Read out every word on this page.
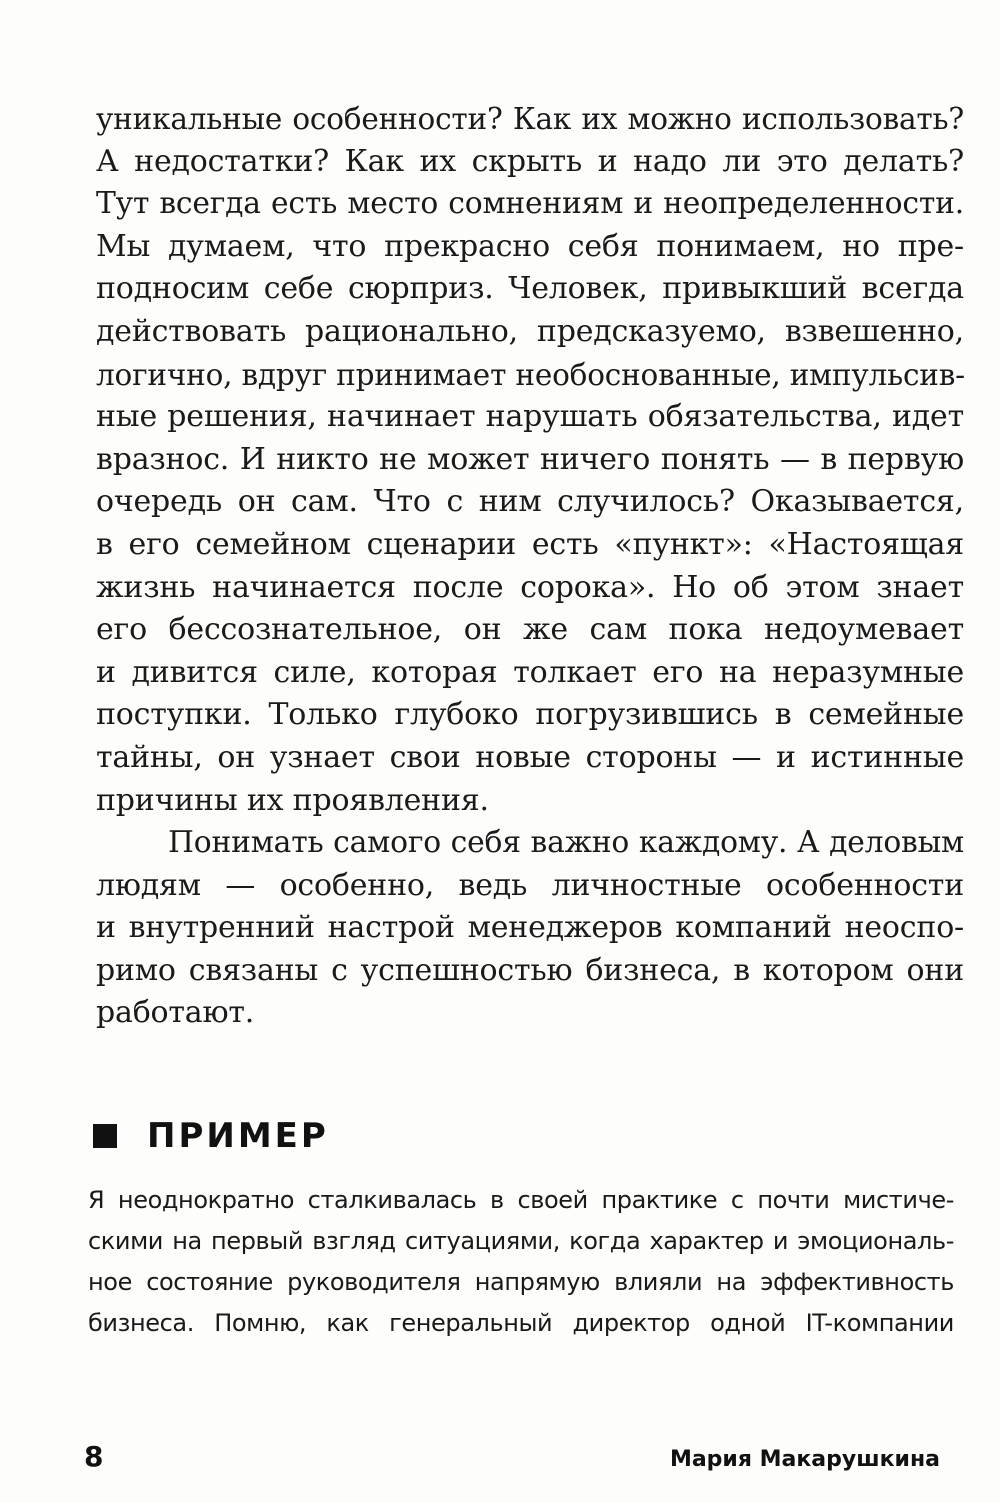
уникальные особенности? Как их можно использовать?
А недостатки? Как их скрыть и надо ли это делать?
Тут всегда есть место сомнениям и неопределенности.
Мы думаем, что прекрасно себя понимаем, но пре-
подносим себе сюрприз. Человек, привыкший всегда
действовать рационально, предсказуемо, взвешенно,
логично, вдруг принимает необоснованные, импульсив-
ные решения, начинает нарушать обязательства, идет
вразнос. И никто не может ничего понять — в первую
очередь он сам. Что с ним случилось? Оказывается,
в его семейном сценарии есть «пункт»: «Настоящая
жизнь начинается после сорока». Но об этом знает
его бессознательное, он же сам пока недоумевает
и дивится силе, которая толкает его на неразумные
поступки. Только глубоко погрузившись в семейные
тайны, он узнает свои новые стороны — и истинные
причины их проявления.

Понимать самого себя важно каждому. А деловым
людям — особенно, ведь личностные особенности
и внутренний настрой менеджеров компаний неоспо-
римо связаны с успешностью бизнеса, в котором они
работают.

ПРИМЕР
Я неоднократно сталкивалась в своей практике с почти мистиче-
скими на первый взгляд ситуациями, когда характер и эмоциональ-
ное состояние руководителя напрямую влияли на эффективность
бизнеса. Помню, как генеральный директор одной IT-компании
8	Мария Макарушкина
